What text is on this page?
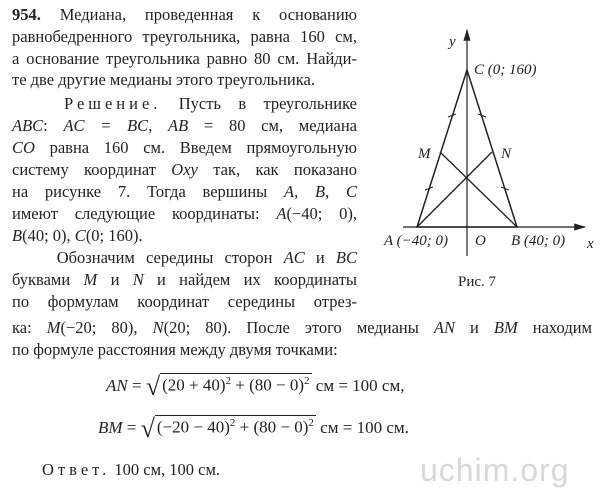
uchim.org
954. Медиана, проведенная к основанию
равнобедренного треугольника, равна 160 см,
а основание треугольника равно 80 см. Найди-
те две другие медианы этого треугольника.
Решение. Пусть в треугольнике
ABC: AC = BC, AB = 80 см, медиана
CO равна 160 см. Введем прямоугольную
систему координат Oxy так, как показано
на рисунке 7. Тогда вершины A, B, C
имеют следующие координаты: A(−40; 0),
B(40; 0), C(0; 160).
Обозначим середины сторон AC и BC
буквами M и N и найдем их координаты
по формулам координат середины отрез-
ка: M(−20; 80), N(20; 80). После этого медианы AN и BM находим
по формуле расстояния между двумя точками:
y
x
C (0; 160)
M	N
A (−40; 0) O B (40; 0)
Рис. 7
AN = √ $(20 + 40)^2 + (80 - 0)^2$ см = 100 см,
BM = √ $(-20 - 40)^2 + (80 - 0)^2$ см = 100 см.
Ответ. 100 см, 100 см.
